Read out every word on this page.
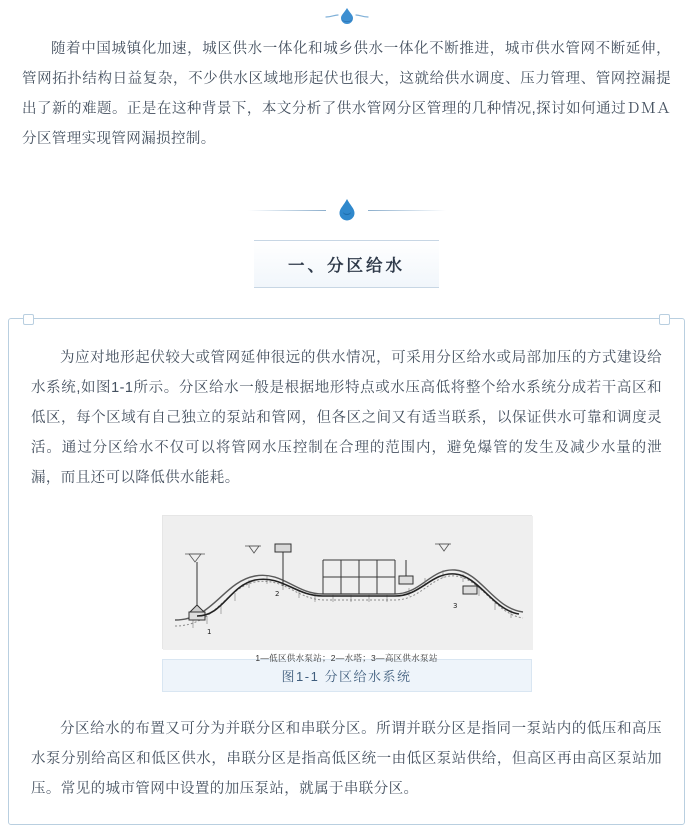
随着中国城镇化加速，城区供水一体化和城乡供水一体化不断推进，城市供水管网不断延伸，管网拓扑结构日益复杂，不少供水区域地形起伏也很大，这就给供水调度、压力管理、管网控漏提出了新的难题。正是在这种背景下，本文分析了供水管网分区管理的几种情况,探讨如何通过ＤＭＡ分区管理实现管网漏损控制。

一、分区给水

为应对地形起伏较大或管网延伸很远的供水情况，可采用分区给水或局部加压的方式建设给水系统,如图1-1所示。分区给水一般是根据地形特点或水压高低将整个给水系统分成若干高区和低区，每个区域有自己独立的泵站和管网，但各区之间又有适当联系，以保证供水可靠和调度灵活。通过分区给水不仅可以将管网水压控制在合理的范围内，避免爆管的发生及减少水量的泄漏，而且还可以降低供水能耗。

1
2
3
1—低区供水泵站；2—水塔；3—高区供水泵站
图1-1 分区给水系统

分区给水的布置又可分为并联分区和串联分区。所谓并联分区是指同一泵站内的低压和高压水泵分别给高区和低区供水，串联分区是指高低区统一由低区泵站供给，但高区再由高区泵站加压。常见的城市管网中设置的加压泵站，就属于串联分区。
